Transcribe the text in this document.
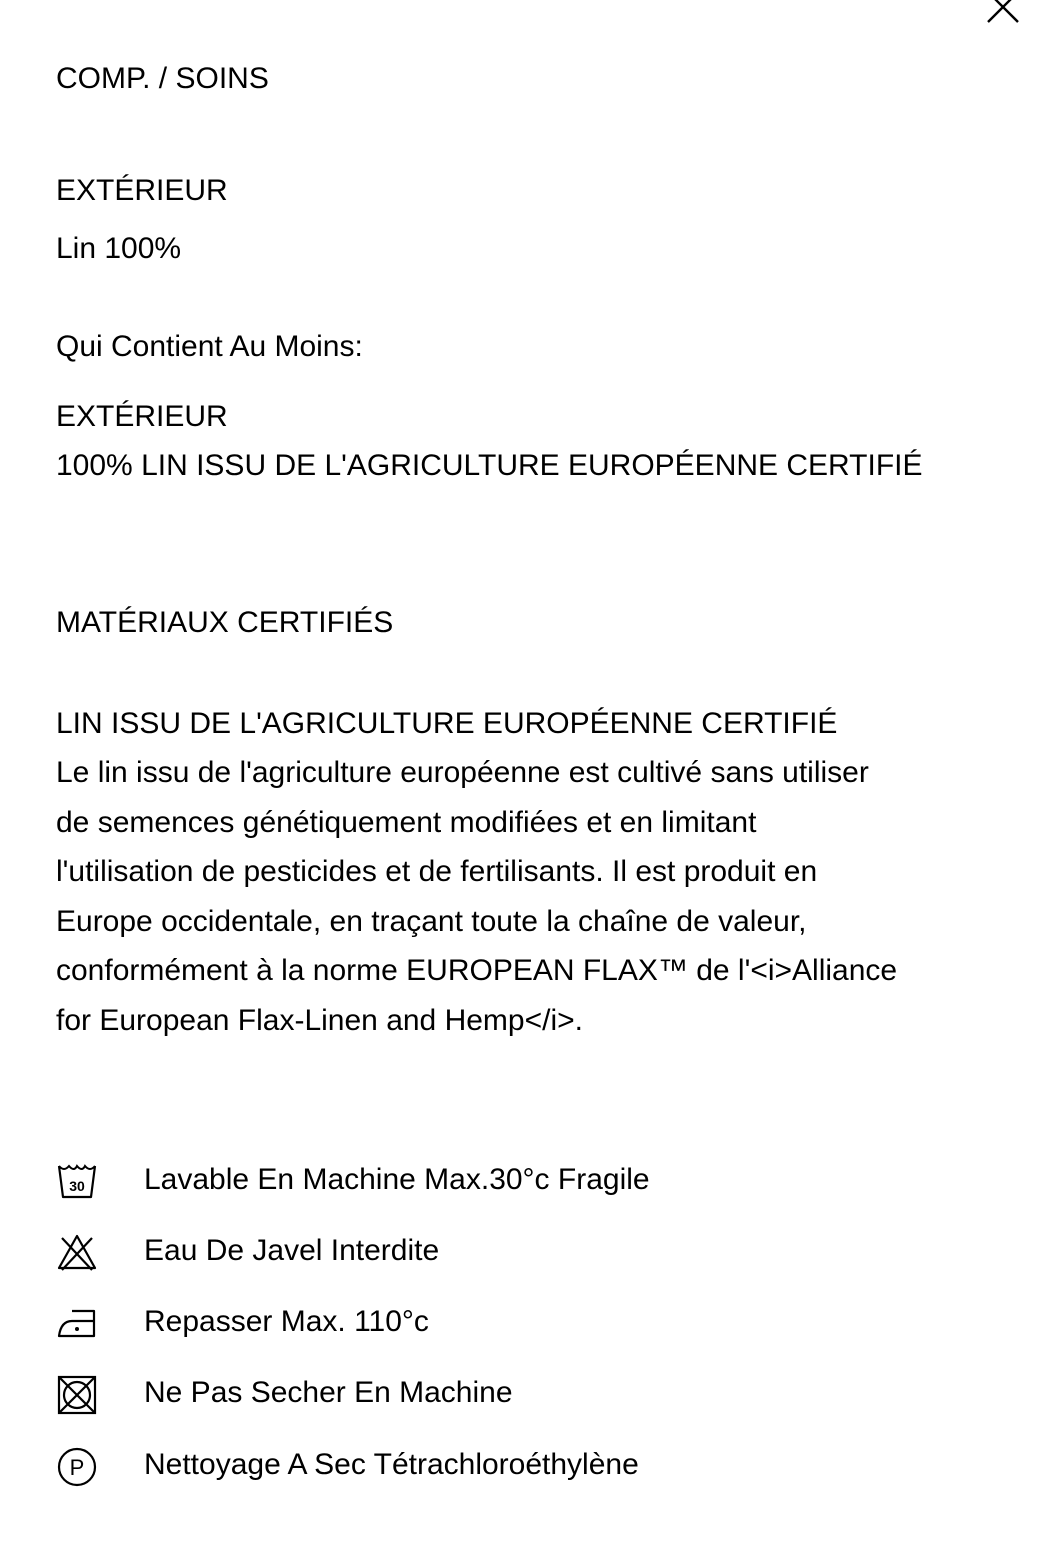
COMP. / SOINS
EXTÉRIEUR
Lin 100%
Qui Contient Au Moins:
EXTÉRIEUR
100% LIN ISSU DE L'AGRICULTURE EUROPÉENNE CERTIFIÉ
MATÉRIAUX CERTIFIÉS
LIN ISSU DE L'AGRICULTURE EUROPÉENNE CERTIFIÉ

Le lin issu de l'agriculture européenne est cultivé sans utiliser
de semences génétiquement modifiées et en limitant
l'utilisation de pesticides et de fertilisants. Il est produit en
Europe occidentale, en traçant toute la chaîne de valeur,
conformément à la norme EUROPEAN FLAX™ de l'<i>Alliance
for European Flax-Linen and Hemp</i>.

30 Lavable En Machine Max.30°c Fragile
Eau De Javel Interdite
Repasser Max. 110°c
Ne Pas Secher En Machine
P Nettoyage A Sec Tétrachloroéthylène
